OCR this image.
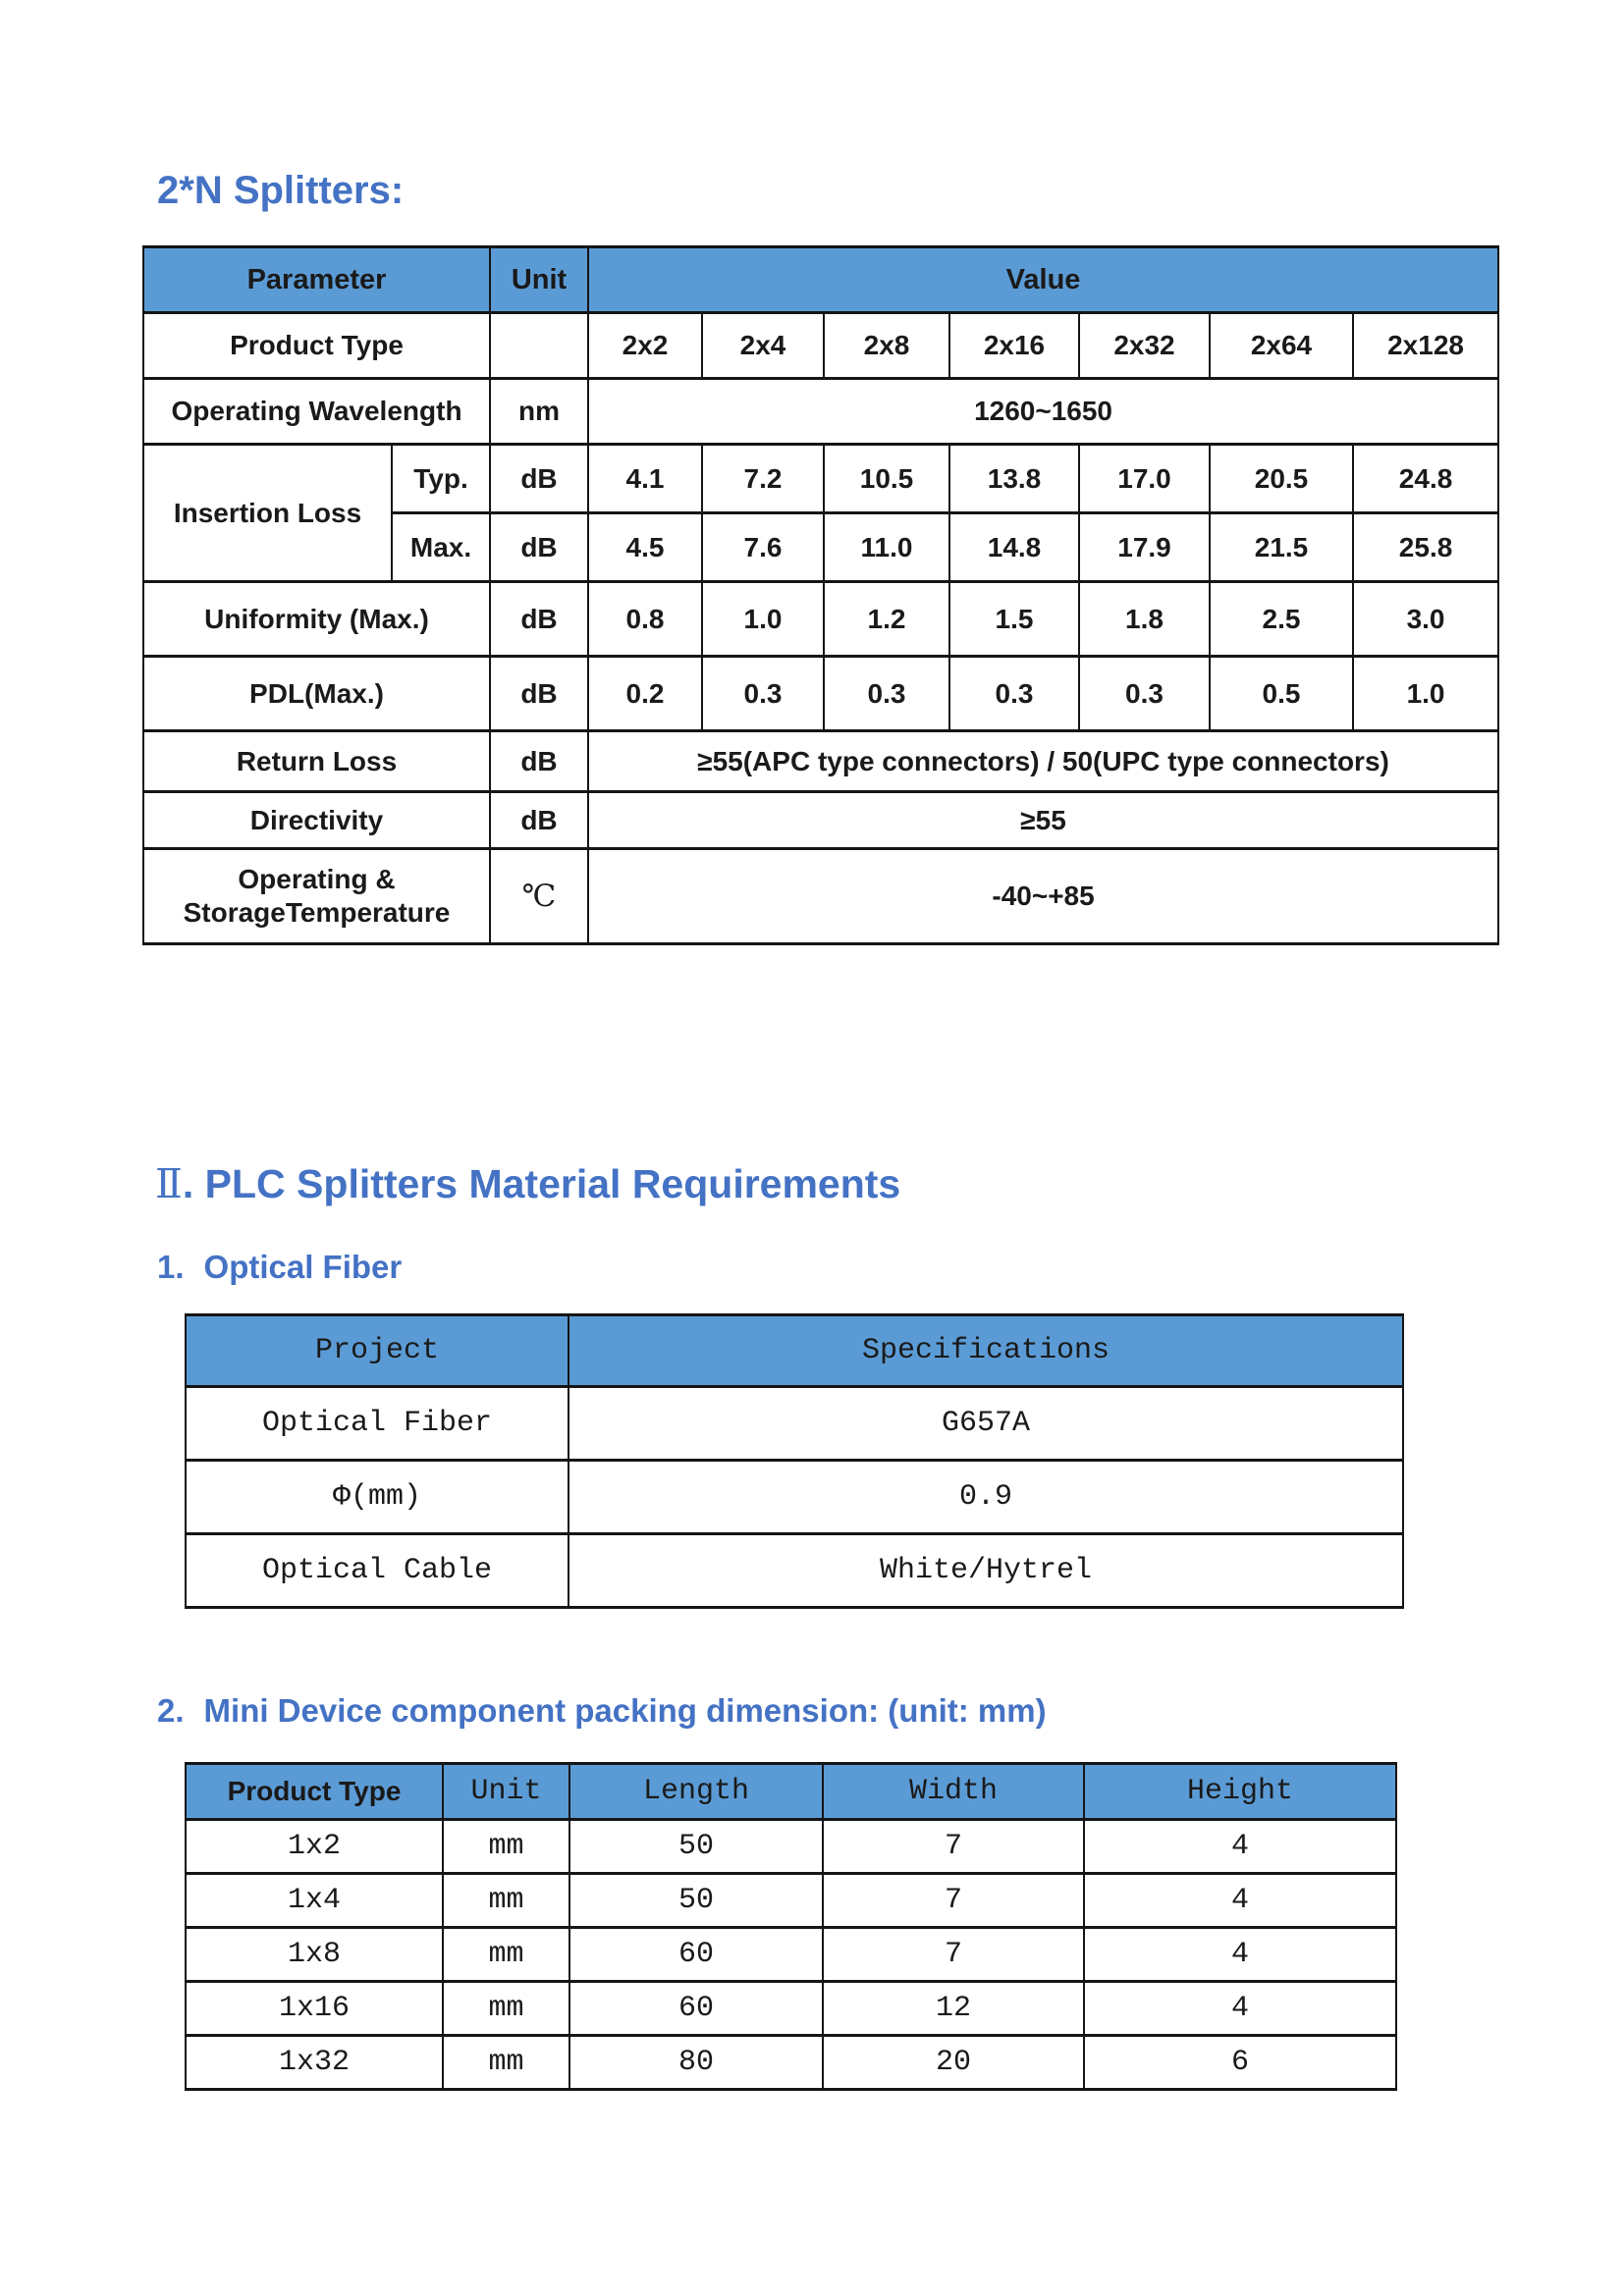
2*N Splitters:
Parameter		Unit	Value						
Product Type			2x2	2x4	2x8	2x16	2x32	2x64	2x128
Operating Wavelength		nm	1260~1650						
Insertion Loss	Typ.	dB	4.1	7.2	10.5	13.8	17.0	20.5	24.8
	Max.	dB	4.5	7.6	11.0	14.8	17.9	21.5	25.8
Uniformity (Max.)		dB	0.8	1.0	1.2	1.5	1.8	2.5	3.0
PDL(Max.)		dB	0.2	0.3	0.3	0.3	0.3	0.5	1.0
Return Loss		dB	≥55(APC type connectors) / 50(UPC type connectors)						
Directivity		dB	≥55						

Operating &
StorageTemperature		℃	-40~+85						
Ⅱ. PLC Splitters Material Requirements
1. Optical Fiber
Project	Specifications
Optical Fiber	G657A
Φ(mm)	0.9
Optical Cable	White/Hytrel
2. Mini Device component packing dimension: (unit: mm)
Product Type	Unit	Length	Width	Height
1x2	mm	50	7	4
1x4	mm	50	7	4
1x8	mm	60	7	4
1x16	mm	60	12	4
1x32	mm	80	20	6
